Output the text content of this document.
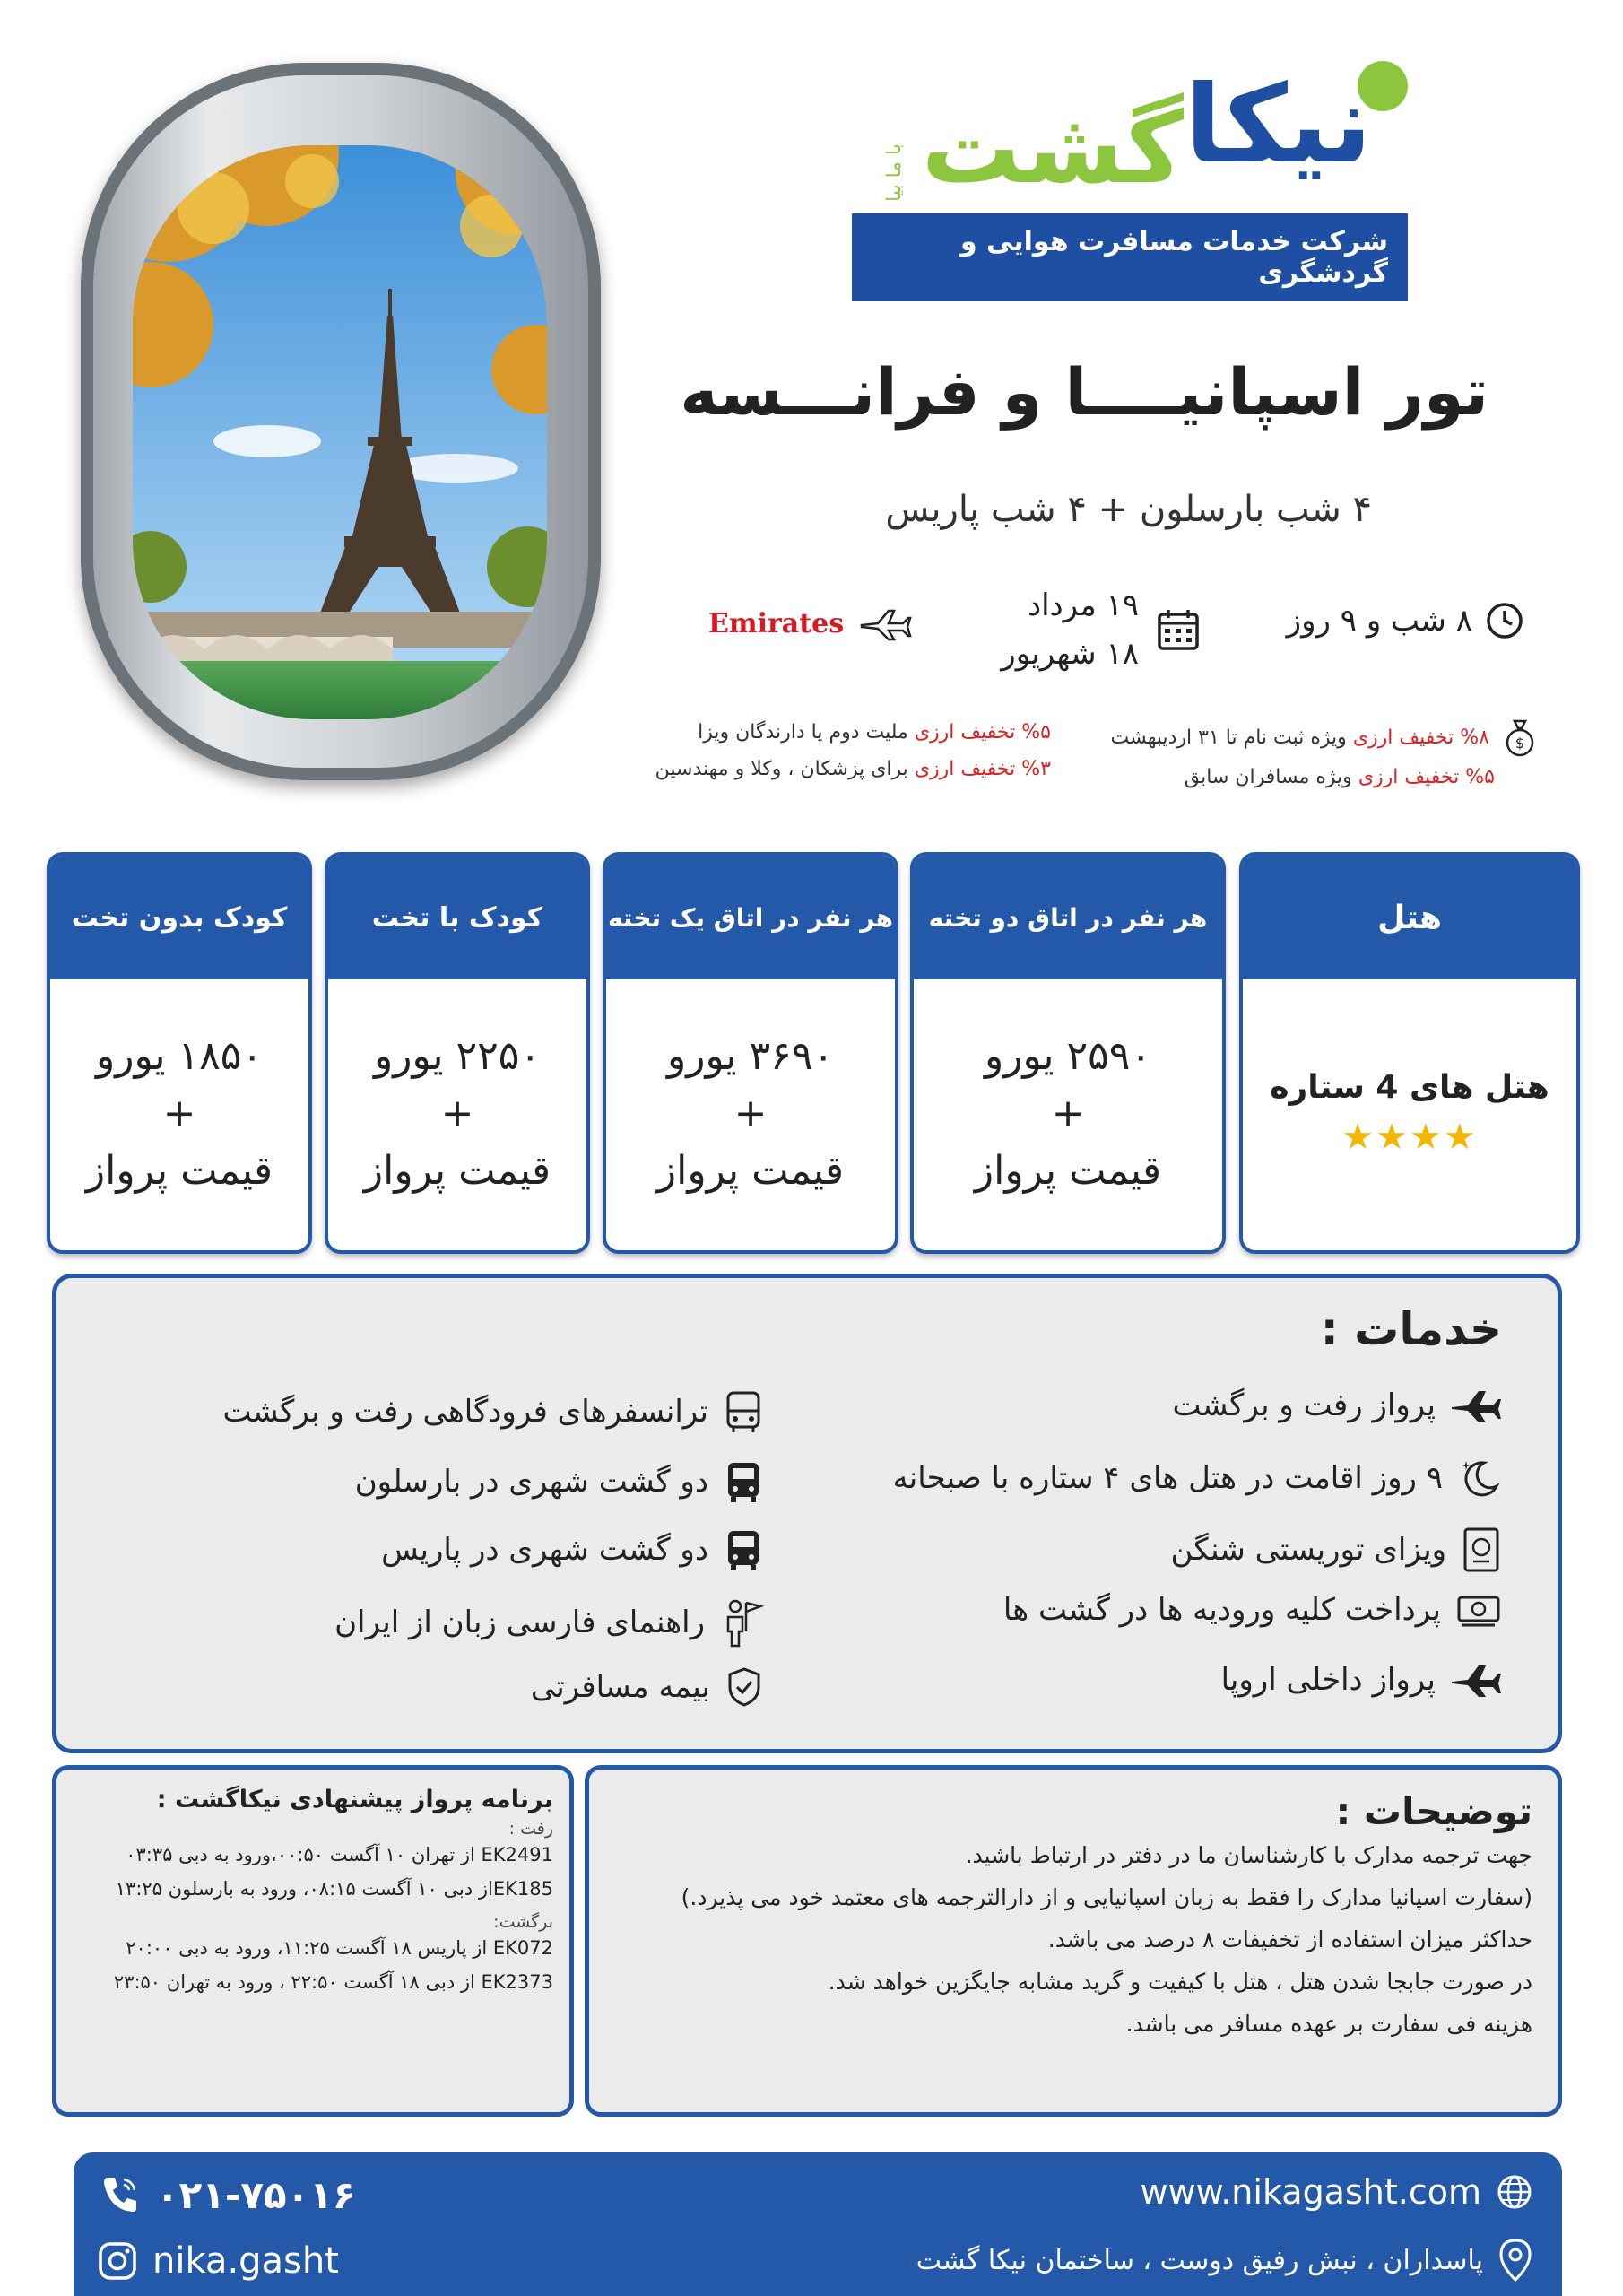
نیکا
گشت
با ما بیا
شرکت خدمات مسافرت هوایی و گردشگری
تور اسپانیــــا و فرانـــسه
۴ شب بارسلون + ۴ شب پاریس
۸ شب و ۹ روز
۱۹ مرداد
۱۸ شهریور
Emirates
$
%۸ تخفیف ارزی ویژه ثبت نام تا ۳۱ اردیبهشت
%۵ تخفیف ارزی ویژه مسافران سابق
%۵ تخفیف ارزی ملیت دوم یا دارندگان ویزا
%۳ تخفیف ارزی برای پزشکان ، وکلا و مهندسین
هتل
هتل های 4 ستاره
★★★★
هر نفر در اتاق دو تخته
۲۵۹۰ یورو
+
قیمت پرواز
هر نفر در اتاق یک تخته
۳۶۹۰ یورو
+
قیمت پرواز
کودک با تخت
۲۲۵۰ یورو
+
قیمت پرواز
کودک بدون تخت
۱۸۵۰ یورو
+
قیمت پرواز
خدمات :
پرواز رفت و برگشت
۹ روز اقامت در هتل های ۴ ستاره با صبحانه
ویزای توریستی شنگن
پرداخت کلیه ورودیه ها در گشت ها
پرواز داخلی اروپا
ترانسفرهای فرودگاهی رفت و برگشت
دو گشت شهری در بارسلون
دو گشت شهری در پاریس
راهنمای فارسی زبان از ایران
بیمه مسافرتی
برنامه پرواز پیشنهادی نیکاگشت :
رفت :
EK2491 از تهران ۱۰ آگست ۰۰:۵۰،ورود به دبی ۰۳:۳۵
EK185از دبی ۱۰ آگست ۰۸:۱۵، ورود به بارسلون ۱۳:۲۵
برگشت:
EK072 از پاریس ۱۸ آگست ۱۱:۲۵، ورود به دبی ۲۰:۰۰
EK2373 از دبی ۱۸ آگست ۲۲:۵۰ ، ورود به تهران ۲۳:۵۰
توضیحات :
جهت ترجمه مدارک با کارشناسان ما در دفتر در ارتباط باشید.
(سفارت اسپانیا مدارک را فقط به زبان اسپانیایی و از دارالترجمه های معتمد خود می پذیرد.)
حداکثر میزان استفاده از تخفیفات ۸ درصد می باشد.
در صورت جابجا شدن هتل ، هتل با کیفیت و گرید مشابه جایگزین خواهد شد.
هزینه فی سفارت بر عهده مسافر می باشد.
۰۲۱-۷۵۰۱۶
nika.gasht
www.nikagasht.com
پاسداران ، نبش رفیق دوست ، ساختمان نیکا گشت
